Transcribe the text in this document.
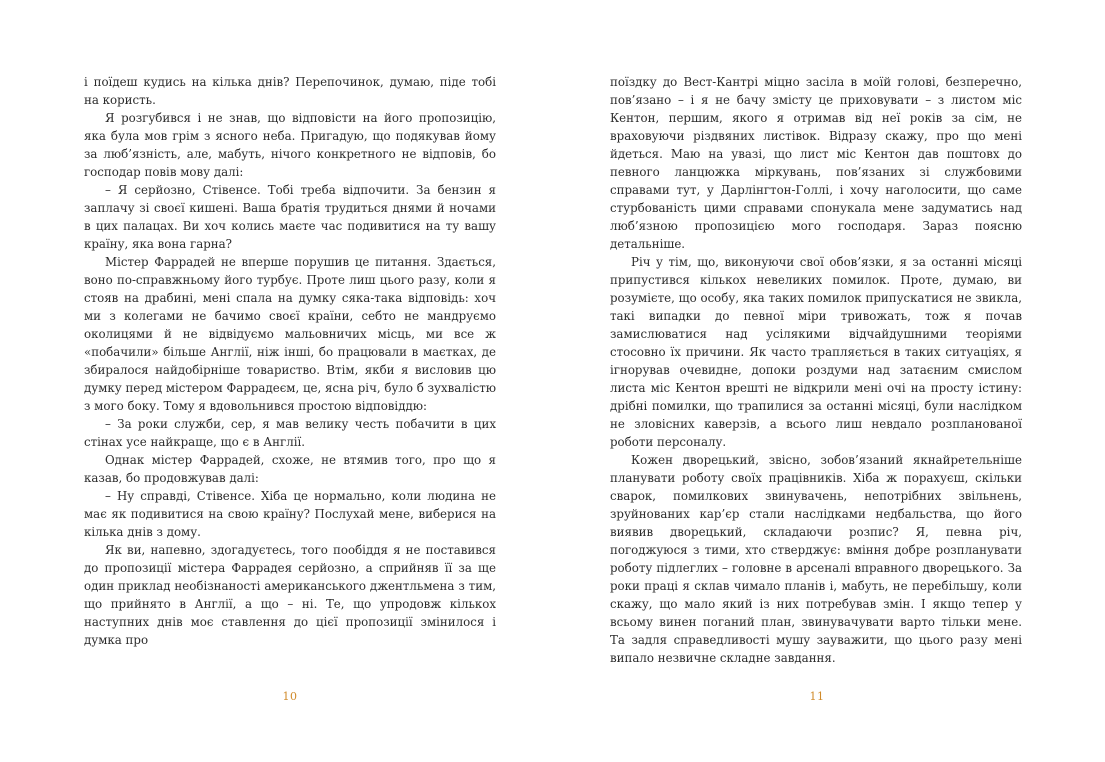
і поїдеш кудись на кілька днів? Перепочинок, думаю, піде тобі на користь.

Я розгубився і не знав, що відповісти на його пропозицію, яка була мов грім з ясного неба. Пригадую, що подякував йому за люб’язність, але, мабуть, нічого конкретного не відповів, бо господар повів мову далі:

– Я серйозно, Стівенсе. Тобі треба відпочити. За бензин я заплачу зі своєї кишені. Ваша братія трудиться днями й ночами в цих палацах. Ви хоч колись маєте час подивитися на ту вашу країну, яка вона гарна?

Містер Фаррадей не вперше порушив це питання. Здається, воно по-справжньому його турбує. Проте лиш цього разу, коли я стояв на драбині, мені спала на думку сяка-така відповідь: хоч ми з колегами не бачимо своєї країни, себто не мандруємо околицями й не відвідуємо мальовничих місць, ми все ж «побачили» більше Англії, ніж інші, бо працювали в маєтках, де збиралося найдобірніше товариство. Втім, якби я висловив цю думку перед містером Фаррадеєм, це, ясна річ, було б зухвалістю з мого боку. Тому я вдовольнився простою відповіддю:

– За роки служби, сер, я мав велику честь побачити в цих стінах усе найкраще, що є в Англії.

Однак містер Фаррадей, схоже, не втямив того, про що я казав, бо продовжував далі:

– Ну справді, Стівенсе. Хіба це нормально, коли людина не має як подивитися на свою країну? Послухай мене, виберися на кілька днів з дому.

Як ви, напевно, здогадуєтесь, того пообіддя я не поставився до пропозиції містера Фаррадея серйозно, а сприйняв її за ще один приклад необізнаності американського джентльмена з тим, що прийнято в Англії, а що – ні. Те, що упродовж кількох наступних днів моє ставлення до цієї пропозиції змінилося і думка про

10

поїздку до Вест-Кантрі міцно засіла в моїй голові, безперечно, пов’язано – і я не бачу змісту це приховувати – з листом міс Кентон, першим, якого я отримав від неї років за сім, не враховуючи різдвяних листівок. Відразу скажу, про що мені йдеться. Маю на увазі, що лист міс Кентон дав поштовх до певного ланцюжка міркувань, пов’язаних зі службовими справами тут, у Дарлінгтон-Голлі, і хочу наголосити, що саме стурбованість цими справами спонукала мене задуматись над люб’язною пропозицією мого господаря. Зараз поясню детальніше.

Річ у тім, що, виконуючи свої обов’язки, я за останні місяці припустився кількох невеликих помилок. Проте, думаю, ви розумієте, що особу, яка таких помилок припускатися не звикла, такі випадки до певної міри тривожать, тож я почав замислюватися над усілякими відчайдушними теоріями стосовно їх причини. Як часто трапляється в таких ситуаціях, я ігнорував очевидне, допоки роздуми над затаєним смислом листа міс Кентон врешті не відкрили мені очі на просту істину: дрібні помилки, що трапилися за останні місяці, були наслідком не зловісних каверзів, а всього лиш невдало розпланованої роботи персоналу.

Кожен дворецький, звісно, зобов’язаний якнайретельніше планувати роботу своїх працівників. Хіба ж порахуєш, скільки сварок, помилкових звинувачень, непотрібних звільнень, зруйнованих кар’єр стали наслідками недбальства, що його виявив дворецький, складаючи розпис? Я, певна річ, погоджуюся з тими, хто стверджує: вміння добре розпланувати роботу підлеглих – головне в арсеналі вправного дворецького. За роки праці я склав чимало планів і, мабуть, не перебільшу, коли скажу, що мало який із них потребував змін. І якщо тепер у всьому винен поганий план, звинувачувати варто тільки мене. Та задля справедливості мушу зауважити, що цього разу мені випало незвичне складне завдання.

11
